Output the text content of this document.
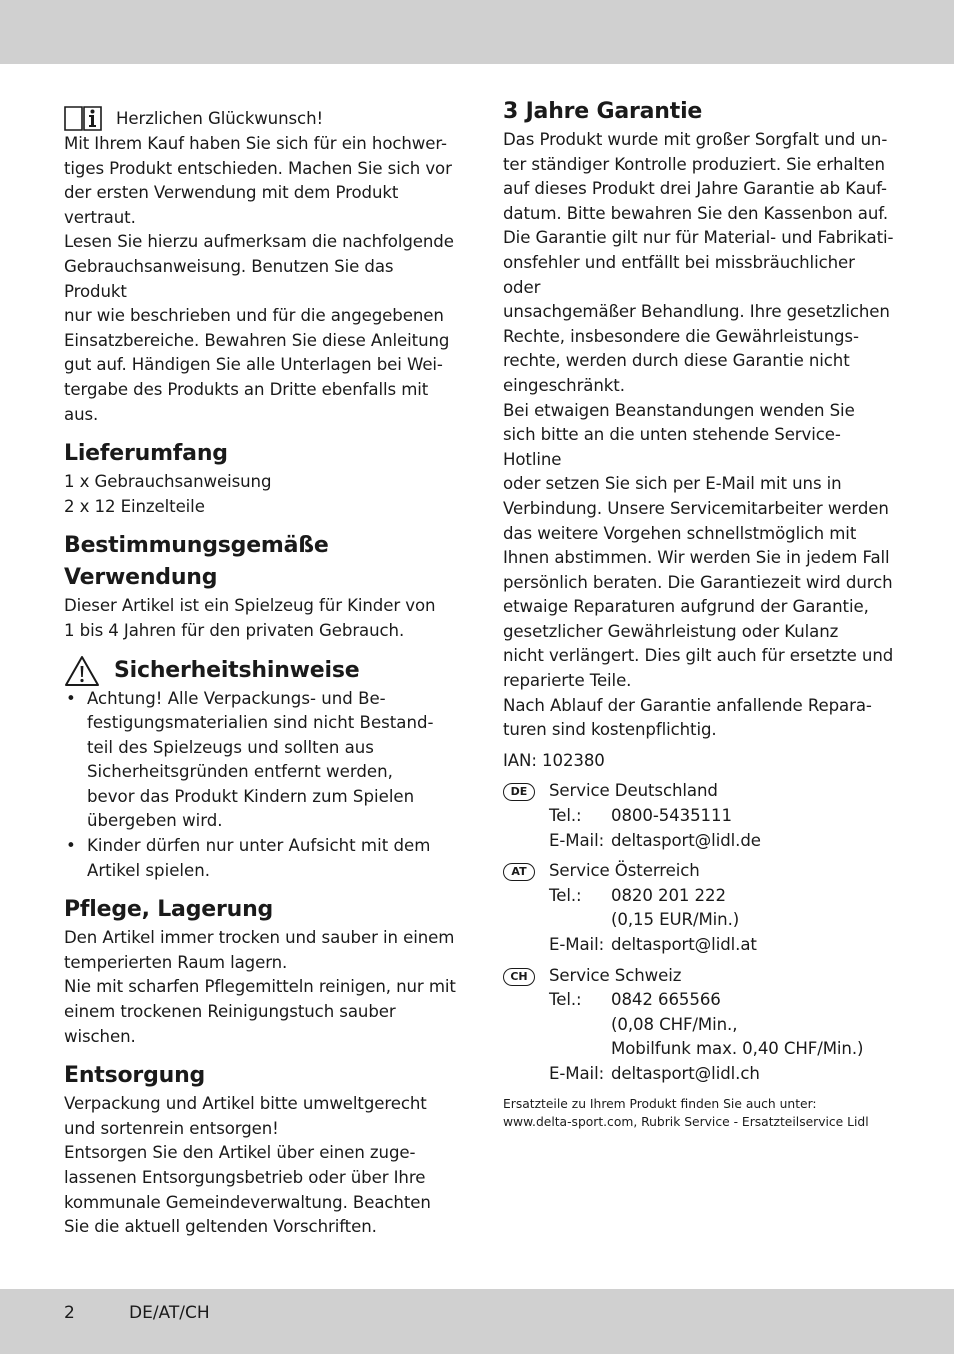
Herzlichen Glückwunsch!

Mit Ihrem Kauf haben Sie sich für ein hochwer-

tiges Produkt entschieden. Machen Sie sich vor

der ersten Verwendung mit dem Produkt vertraut.

Lesen Sie hierzu aufmerksam die nachfolgende

Gebrauchsanweisung. Benutzen Sie das Produkt

nur wie beschrieben und für die angegebenen

Einsatzbereiche. Bewahren Sie diese Anleitung

gut auf. Händigen Sie alle Unterlagen bei Wei-

tergabe des Produkts an Dritte ebenfalls mit aus.

Lieferumfang

1 x Gebrauchsanweisung

2 x 12 Einzelteile

Bestimmungsgemäße
Verwendung

Dieser Artikel ist ein Spielzeug für Kinder von

1 bis 4 Jahren für den privaten Gebrauch.

Sicherheitshinweise
• Achtung! Alle Verpackungs- und Be-
festigungsmaterialien sind nicht Bestand-
teil des Spielzeugs und sollten aus
Sicherheitsgründen entfernt werden,
bevor das Produkt Kindern zum Spielen
übergeben wird.
• Kinder dürfen nur unter Aufsicht mit dem
Artikel spielen.
Pflege, Lagerung

Den Artikel immer trocken und sauber in einem

temperierten Raum lagern.

Nie mit scharfen Pflegemitteln reinigen, nur mit

einem trockenen Reinigungstuch sauber wischen.

Entsorgung

Verpackung und Artikel bitte umweltgerecht

und sortenrein entsorgen!

Entsorgen Sie den Artikel über einen zuge-

lassenen Entsorgungsbetrieb oder über Ihre

kommunale Gemeindeverwaltung. Beachten

Sie die aktuell geltenden Vorschriften.

3 Jahre Garantie

Das Produkt wurde mit großer Sorgfalt und un-

ter ständiger Kontrolle produziert. Sie erhalten

auf dieses Produkt drei Jahre Garantie ab Kauf-

datum. Bitte bewahren Sie den Kassenbon auf.

Die Garantie gilt nur für Material- und Fabrikati-

onsfehler und entfällt bei missbräuchlicher oder

unsachgemäßer Behandlung. Ihre gesetzlichen

Rechte, insbesondere die Gewährleistungs-

rechte, werden durch diese Garantie nicht

eingeschränkt.

Bei etwaigen Beanstandungen wenden Sie

sich bitte an die unten stehende Service-Hotline

oder setzen Sie sich per E-Mail mit uns in

Verbindung. Unsere Servicemitarbeiter werden

das weitere Vorgehen schnellstmöglich mit

Ihnen abstimmen. Wir werden Sie in jedem Fall

persönlich beraten. Die Garantiezeit wird durch

etwaige Reparaturen aufgrund der Garantie,

gesetzlicher Gewährleistung oder Kulanz

nicht verlängert. Dies gilt auch für ersetzte und

reparierte Teile.

Nach Ablauf der Garantie anfallende Repara-

turen sind kostenpflichtig.

IAN: 102380

DE	Service Deutschland

Tel.:	0800-5435111
E-Mail: deltasport@lidl.de
AT	Service Österreich

Tel.:	0820 201 222
(0,15 EUR/Min.)
E-Mail: deltasport@lidl.at
CH	Service Schweiz

Tel.:	0842 665566
(0,08 CHF/Min.,
Mobilfunk max. 0,40 CHF/Min.)
E-Mail: deltasport@lidl.ch

Ersatzteile zu Ihrem Produkt finden Sie auch unter:

www.delta-sport.com, Rubrik Service - Ersatzteilservice Lidl

2	DE/AT/CH
